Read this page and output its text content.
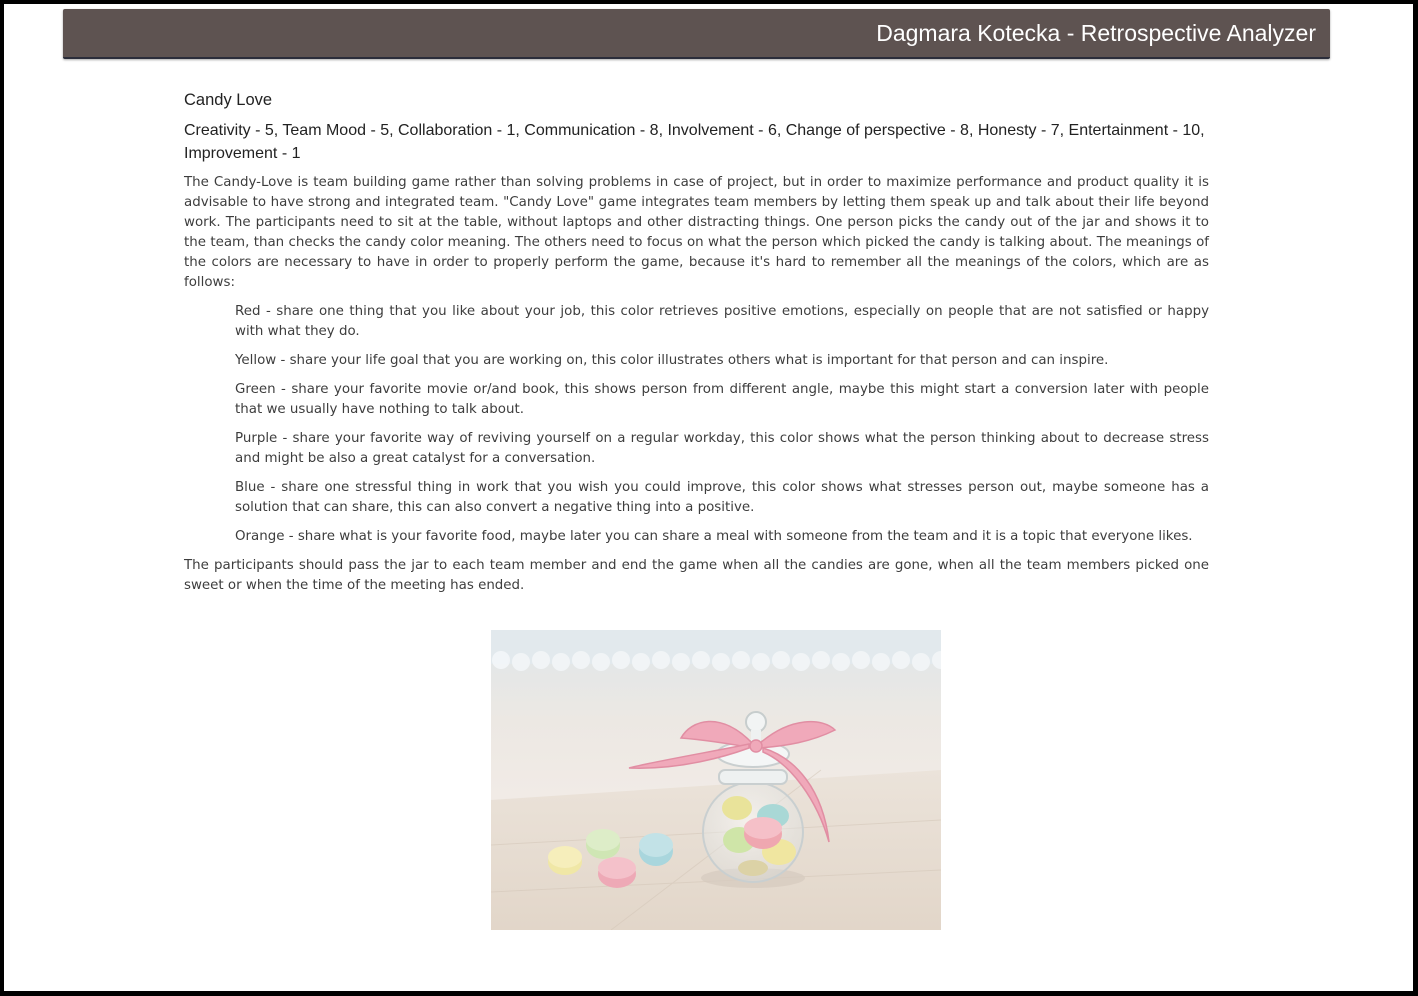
Dagmara Kotecka - Retrospective Analyzer
Candy Love
Creativity - 5, Team Mood - 5, Collaboration - 1, Communication - 8, Involvement - 6, Change of perspective - 8, Honesty - 7, Entertainment - 10, Improvement - 1

The Candy-Love is team building game rather than solving problems in case of project, but in order to maximize performance and product quality it is advisable to have strong and integrated team. "Candy Love" game integrates team members by letting them speak up and talk about their life beyond work. The participants need to sit at the table, without laptops and other distracting things. One person picks the candy out of the jar and shows it to the team, than checks the candy color meaning. The others need to focus on what the person which picked the candy is talking about. The meanings of the colors are necessary to have in order to properly perform the game, because it's hard to remember all the meanings of the colors, which are as follows:

Red - share one thing that you like about your job, this color retrieves positive emotions, especially on people that are not satisfied or happy with what they do.
Yellow - share your life goal that you are working on, this color illustrates others what is important for that person and can inspire.
Green - share your favorite movie or/and book, this shows person from different angle, maybe this might start a conversion later with people that we usually have nothing to talk about.
Purple - share your favorite way of reviving yourself on a regular workday, this color shows what the person thinking about to decrease stress and might be also a great catalyst for a conversation.
Blue - share one stressful thing in work that you wish you could improve, this color shows what stresses person out, maybe someone has a solution that can share, this can also convert a negative thing into a positive.
Orange - share what is your favorite food, maybe later you can share a meal with someone from the team and it is a topic that everyone likes.

The participants should pass the jar to each team member and end the game when all the candies are gone, when all the team members picked one sweet or when the time of the meeting has ended.
